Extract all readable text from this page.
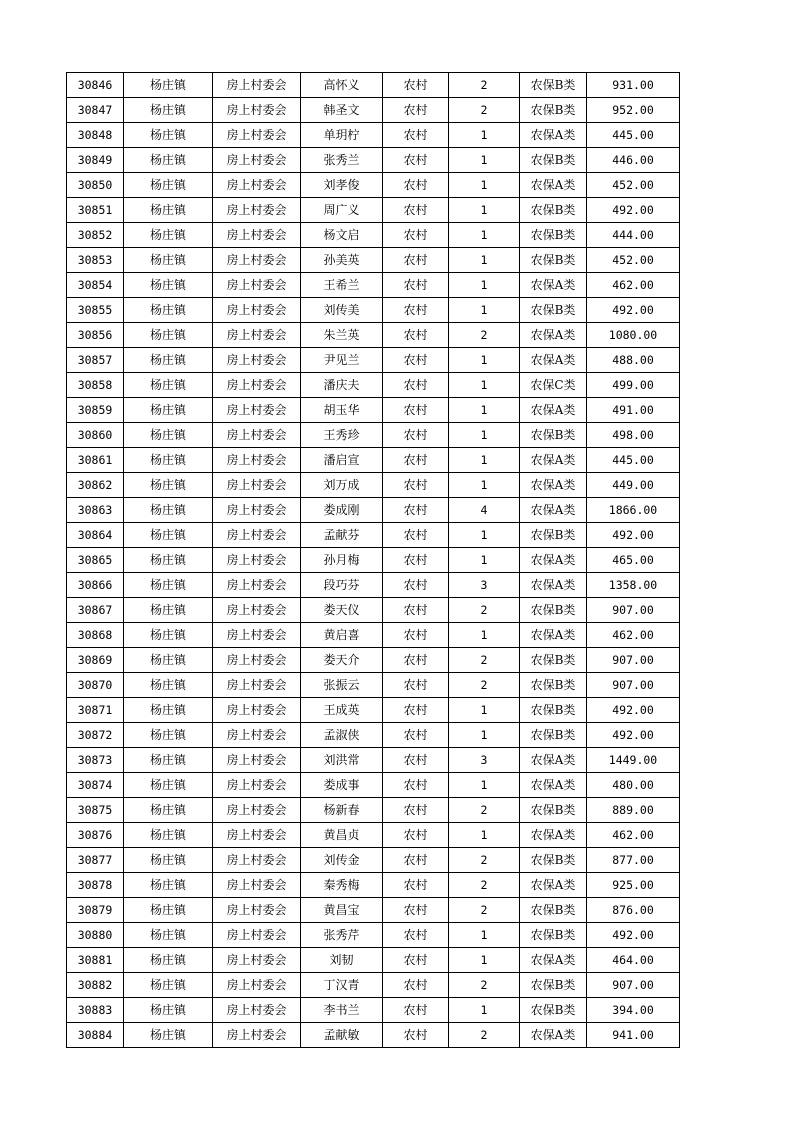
30846	杨庄镇	房上村委会	高怀义	农村	2	农保B类	931.00
30847	杨庄镇	房上村委会	韩圣文	农村	2	农保B类	952.00
30848	杨庄镇	房上村委会	单玥柠	农村	1	农保A类	445.00
30849	杨庄镇	房上村委会	张秀兰	农村	1	农保B类	446.00
30850	杨庄镇	房上村委会	刘孝俊	农村	1	农保A类	452.00
30851	杨庄镇	房上村委会	周广义	农村	1	农保B类	492.00
30852	杨庄镇	房上村委会	杨文启	农村	1	农保B类	444.00
30853	杨庄镇	房上村委会	孙美英	农村	1	农保B类	452.00
30854	杨庄镇	房上村委会	王希兰	农村	1	农保A类	462.00
30855	杨庄镇	房上村委会	刘传美	农村	1	农保B类	492.00
30856	杨庄镇	房上村委会	朱兰英	农村	2	农保A类	1080.00
30857	杨庄镇	房上村委会	尹见兰	农村	1	农保A类	488.00
30858	杨庄镇	房上村委会	潘庆夫	农村	1	农保C类	499.00
30859	杨庄镇	房上村委会	胡玉华	农村	1	农保A类	491.00
30860	杨庄镇	房上村委会	王秀珍	农村	1	农保B类	498.00
30861	杨庄镇	房上村委会	潘启宣	农村	1	农保A类	445.00
30862	杨庄镇	房上村委会	刘万成	农村	1	农保A类	449.00
30863	杨庄镇	房上村委会	娄成刚	农村	4	农保A类	1866.00
30864	杨庄镇	房上村委会	孟献芬	农村	1	农保B类	492.00
30865	杨庄镇	房上村委会	孙月梅	农村	1	农保A类	465.00
30866	杨庄镇	房上村委会	段巧芬	农村	3	农保A类	1358.00
30867	杨庄镇	房上村委会	娄天仪	农村	2	农保B类	907.00
30868	杨庄镇	房上村委会	黄启喜	农村	1	农保A类	462.00
30869	杨庄镇	房上村委会	娄天介	农村	2	农保B类	907.00
30870	杨庄镇	房上村委会	张振云	农村	2	农保B类	907.00
30871	杨庄镇	房上村委会	王成英	农村	1	农保B类	492.00
30872	杨庄镇	房上村委会	孟淑侠	农村	1	农保B类	492.00
30873	杨庄镇	房上村委会	刘洪常	农村	3	农保A类	1449.00
30874	杨庄镇	房上村委会	娄成事	农村	1	农保A类	480.00
30875	杨庄镇	房上村委会	杨新春	农村	2	农保B类	889.00
30876	杨庄镇	房上村委会	黄昌贞	农村	1	农保A类	462.00
30877	杨庄镇	房上村委会	刘传金	农村	2	农保B类	877.00
30878	杨庄镇	房上村委会	秦秀梅	农村	2	农保A类	925.00
30879	杨庄镇	房上村委会	黄昌宝	农村	2	农保B类	876.00
30880	杨庄镇	房上村委会	张秀芹	农村	1	农保B类	492.00
30881	杨庄镇	房上村委会	刘韧	农村	1	农保A类	464.00
30882	杨庄镇	房上村委会	丁汉青	农村	2	农保B类	907.00
30883	杨庄镇	房上村委会	李书兰	农村	1	农保B类	394.00
30884	杨庄镇	房上村委会	孟献敏	农村	2	农保A类	941.00
